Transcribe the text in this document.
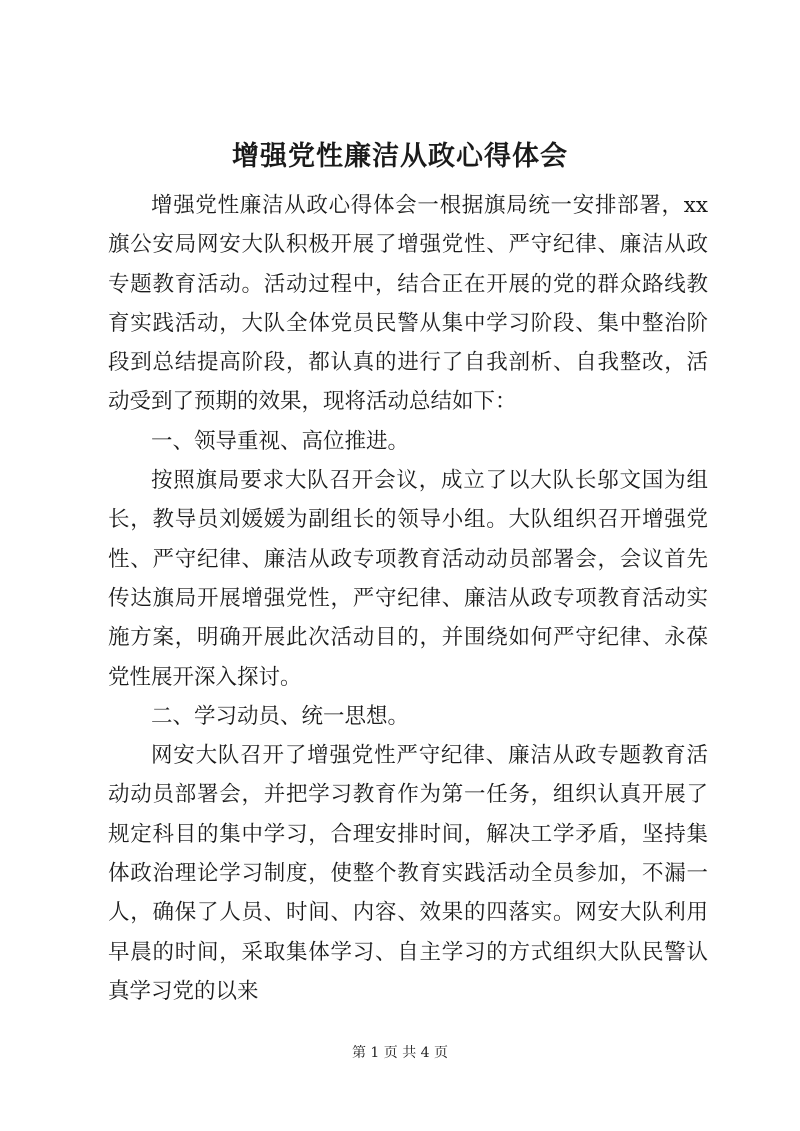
增强党性廉洁从政心得体会

增强党性廉洁从政心得体会一根据旗局统一安排部署，xx旗公安局网安大队积极开展了增强党性、严守纪律、廉洁从政专题教育活动。活动过程中，结合正在开展的党的群众路线教育实践活动，大队全体党员民警从集中学习阶段、集中整治阶段到总结提高阶段，都认真的进行了自我剖析、自我整改，活动受到了预期的效果，现将活动总结如下：

一、领导重视、高位推进。

按照旗局要求大队召开会议，成立了以大队长邬文国为组长，教导员刘媛媛为副组长的领导小组。大队组织召开增强党性、严守纪律、廉洁从政专项教育活动动员部署会，会议首先传达旗局开展增强党性，严守纪律、廉洁从政专项教育活动实施方案，明确开展此次活动目的，并围绕如何严守纪律、永葆党性展开深入探讨。

二、学习动员、统一思想。

网安大队召开了增强党性严守纪律、廉洁从政专题教育活动动员部署会，并把学习教育作为第一任务，组织认真开展了规定科目的集中学习，合理安排时间，解决工学矛盾，坚持集体政治理论学习制度，使整个教育实践活动全员参加，不漏一人，确保了人员、时间、内容、效果的四落实。网安大队利用早晨的时间，采取集体学习、自主学习的方式组织大队民警认真学习党的以来

第 1 页 共 4 页
